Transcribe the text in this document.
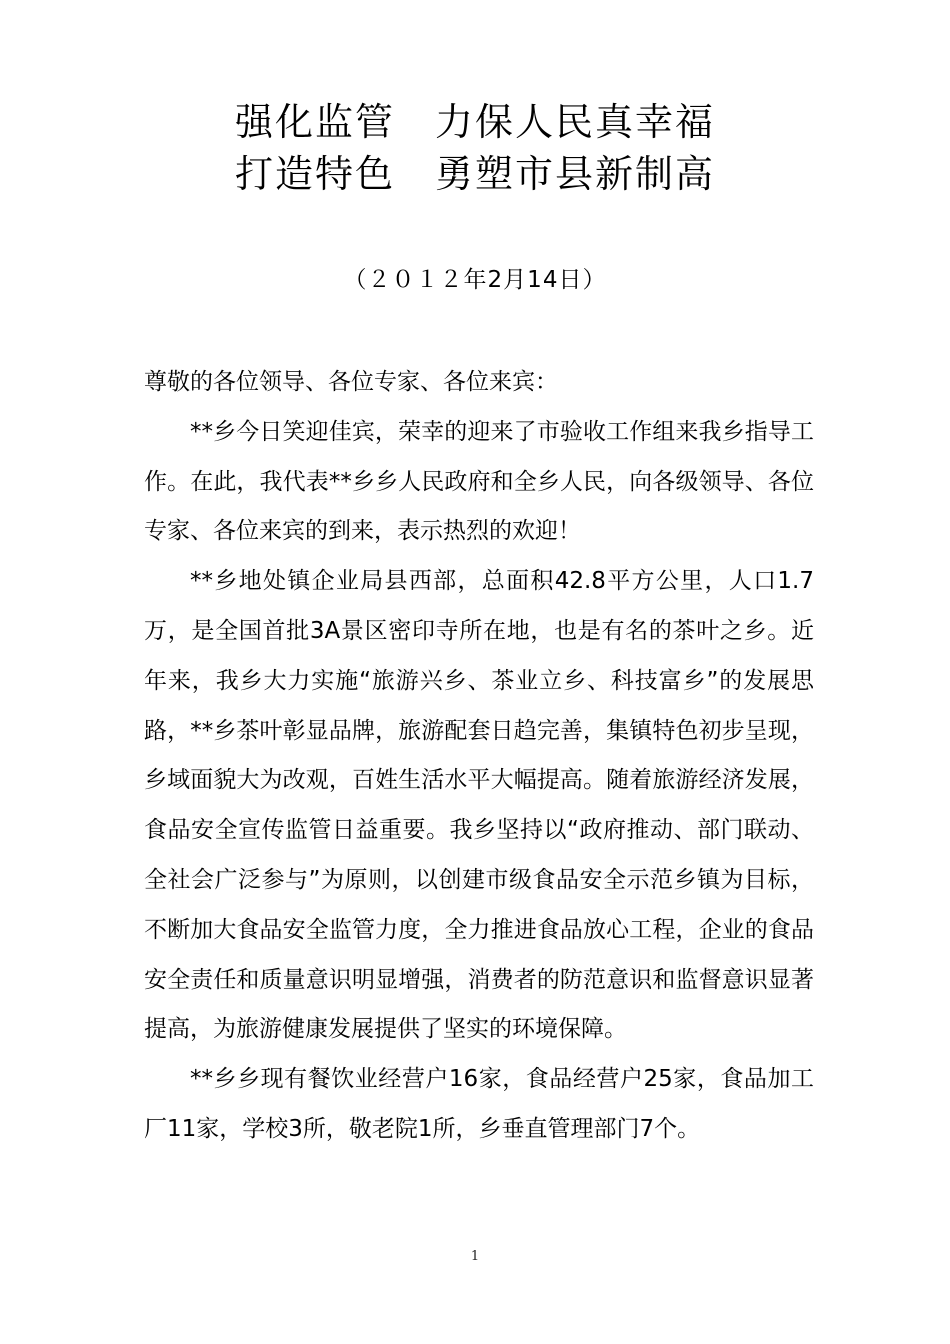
强化监管　力保人民真幸福

打造特色　勇塑市县新制高

（２０１２年2月14日）

尊敬的各位领导、各位专家、各位来宾：

**乡今日笑迎佳宾，荣幸的迎来了市验收工作组来我乡指导工作。在此，我代表**乡乡人民政府和全乡人民，向各级领导、各位专家、各位来宾的到来，表示热烈的欢迎！

**乡地处镇企业局县西部，总面积42.8平方公里，人口1.7万，是全国首批3A景区密印寺所在地，也是有名的茶叶之乡。近年来，我乡大力实施“旅游兴乡、茶业立乡、科技富乡”的发展思路，**乡茶叶彰显品牌，旅游配套日趋完善，集镇特色初步呈现，乡域面貌大为改观，百姓生活水平大幅提高。随着旅游经济发展，食品安全宣传监管日益重要。我乡坚持以“政府推动、部门联动、全社会广泛参与”为原则，以创建市级食品安全示范乡镇为目标，不断加大食品安全监管力度，全力推进食品放心工程，企业的食品安全责任和质量意识明显增强，消费者的防范意识和监督意识显著提高，为旅游健康发展提供了坚实的环境保障。

**乡乡现有餐饮业经营户16家，食品经营户25家，食品加工厂11家，学校3所，敬老院1所，乡垂直管理部门7个。

1
